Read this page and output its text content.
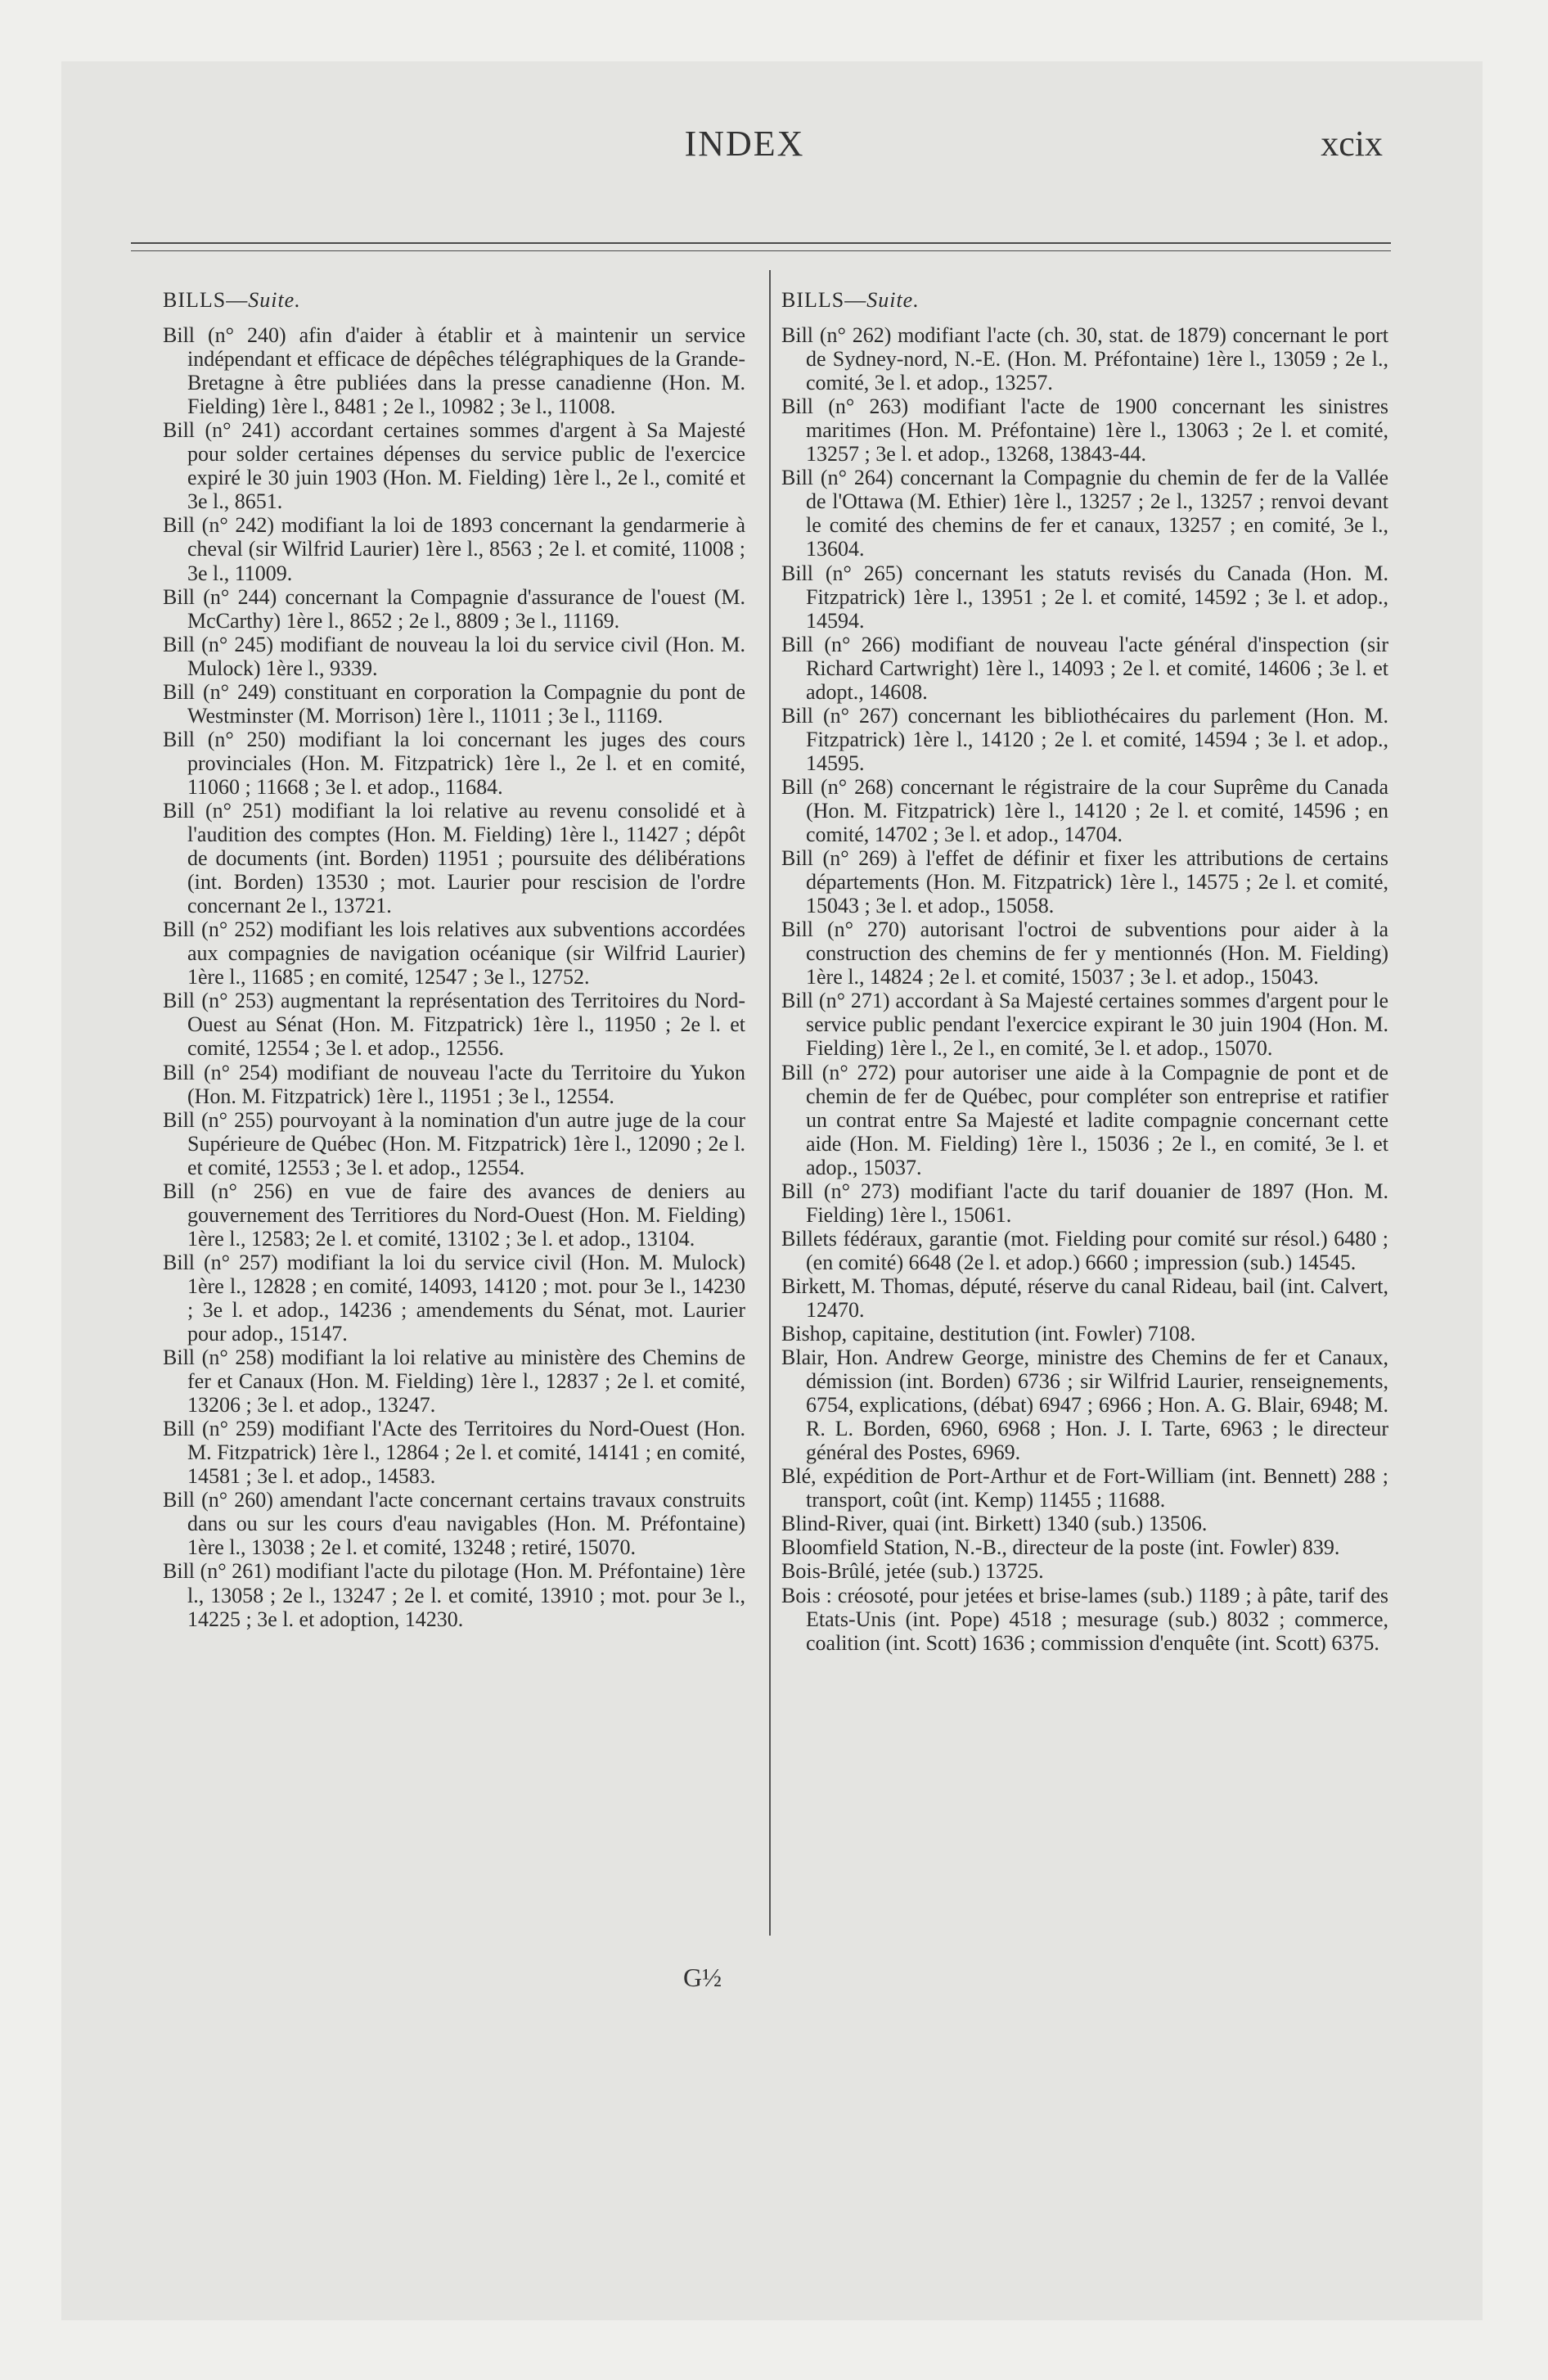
INDEX	xcix
BILLS—Suite.
Bill (n° 240) afin d'aider à établir et à maintenir un service indépendant et efficace de dépêches télégraphiques de la Grande-Bretagne à être publiées dans la presse canadienne (Hon. M. Fielding) 1ère l., 8481 ; 2e l., 10982 ; 3e l., 11008.
Bill (n° 241) accordant certaines sommes d'argent à Sa Majesté pour solder certaines dépenses du service public de l'exercice expiré le 30 juin 1903 (Hon. M. Fielding) 1ère l., 2e l., comité et 3e l., 8651.
Bill (n° 242) modifiant la loi de 1893 concernant la gendarmerie à cheval (sir Wilfrid Laurier) 1ère l., 8563 ; 2e l. et comité, 11008 ; 3e l., 11009.
Bill (n° 244) concernant la Compagnie d'assurance de l'ouest (M. McCarthy) 1ère l., 8652 ; 2e l., 8809 ; 3e l., 11169.
Bill (n° 245) modifiant de nouveau la loi du service civil (Hon. M. Mulock) 1ère l., 9339.
Bill (n° 249) constituant en corporation la Compagnie du pont de Westminster (M. Morrison) 1ère l., 11011 ; 3e l., 11169.
Bill (n° 250) modifiant la loi concernant les juges des cours provinciales (Hon. M. Fitzpatrick) 1ère l., 2e l. et en comité, 11060 ; 11668 ; 3e l. et adop., 11684.
Bill (n° 251) modifiant la loi relative au revenu consolidé et à l'audition des comptes (Hon. M. Fielding) 1ère l., 11427 ; dépôt de documents (int. Borden) 11951 ; poursuite des délibérations (int. Borden) 13530 ; mot. Laurier pour rescision de l'ordre concernant 2e l., 13721.
Bill (n° 252) modifiant les lois relatives aux subventions accordées aux compagnies de navigation océanique (sir Wilfrid Laurier) 1ère l., 11685 ; en comité, 12547 ; 3e l., 12752.
Bill (n° 253) augmentant la représentation des Territoires du Nord-Ouest au Sénat (Hon. M. Fitzpatrick) 1ère l., 11950 ; 2e l. et comité, 12554 ; 3e l. et adop., 12556.
Bill (n° 254) modifiant de nouveau l'acte du Territoire du Yukon (Hon. M. Fitzpatrick) 1ère l., 11951 ; 3e l., 12554.
Bill (n° 255) pourvoyant à la nomination d'un autre juge de la cour Supérieure de Québec (Hon. M. Fitzpatrick) 1ère l., 12090 ; 2e l. et comité, 12553 ; 3e l. et adop., 12554.
Bill (n° 256) en vue de faire des avances de deniers au gouvernement des Territiores du Nord-Ouest (Hon. M. Fielding) 1ère l., 12583; 2e l. et comité, 13102 ; 3e l. et adop., 13104.
Bill (n° 257) modifiant la loi du service civil (Hon. M. Mulock) 1ère l., 12828 ; en comité, 14093, 14120 ; mot. pour 3e l., 14230 ; 3e l. et adop., 14236 ; amendements du Sénat, mot. Laurier pour adop., 15147.
Bill (n° 258) modifiant la loi relative au ministère des Chemins de fer et Canaux (Hon. M. Fielding) 1ère l., 12837 ; 2e l. et comité, 13206 ; 3e l. et adop., 13247.
Bill (n° 259) modifiant l'Acte des Territoires du Nord-Ouest (Hon. M. Fitzpatrick) 1ère l., 12864 ; 2e l. et comité, 14141 ; en comité, 14581 ; 3e l. et adop., 14583.
Bill (n° 260) amendant l'acte concernant certains travaux construits dans ou sur les cours d'eau navigables (Hon. M. Préfontaine) 1ère l., 13038 ; 2e l. et comité, 13248 ; retiré, 15070.
Bill (n° 261) modifiant l'acte du pilotage (Hon. M. Préfontaine) 1ère l., 13058 ; 2e l., 13247 ; 2e l. et comité, 13910 ; mot. pour 3e l., 14225 ; 3e l. et adoption, 14230.
BILLS—Suite.
Bill (n° 262) modifiant l'acte (ch. 30, stat. de 1879) concernant le port de Sydney-nord, N.-E. (Hon. M. Préfontaine) 1ère l., 13059 ; 2e l., comité, 3e l. et adop., 13257.
Bill (n° 263) modifiant l'acte de 1900 concernant les sinistres maritimes (Hon. M. Préfontaine) 1ère l., 13063 ; 2e l. et comité, 13257 ; 3e l. et adop., 13268, 13843-44.
Bill (n° 264) concernant la Compagnie du chemin de fer de la Vallée de l'Ottawa (M. Ethier) 1ère l., 13257 ; 2e l., 13257 ; renvoi devant le comité des chemins de fer et canaux, 13257 ; en comité, 3e l., 13604.
Bill (n° 265) concernant les statuts revisés du Canada (Hon. M. Fitzpatrick) 1ère l., 13951 ; 2e l. et comité, 14592 ; 3e l. et adop., 14594.
Bill (n° 266) modifiant de nouveau l'acte général d'inspection (sir Richard Cartwright) 1ère l., 14093 ; 2e l. et comité, 14606 ; 3e l. et adopt., 14608.
Bill (n° 267) concernant les bibliothécaires du parlement (Hon. M. Fitzpatrick) 1ère l., 14120 ; 2e l. et comité, 14594 ; 3e l. et adop., 14595.
Bill (n° 268) concernant le régistraire de la cour Suprême du Canada (Hon. M. Fitzpatrick) 1ère l., 14120 ; 2e l. et comité, 14596 ; en comité, 14702 ; 3e l. et adop., 14704.
Bill (n° 269) à l'effet de définir et fixer les attributions de certains départements (Hon. M. Fitzpatrick) 1ère l., 14575 ; 2e l. et comité, 15043 ; 3e l. et adop., 15058.
Bill (n° 270) autorisant l'octroi de subventions pour aider à la construction des chemins de fer y mentionnés (Hon. M. Fielding) 1ère l., 14824 ; 2e l. et comité, 15037 ; 3e l. et adop., 15043.
Bill (n° 271) accordant à Sa Majesté certaines sommes d'argent pour le service public pendant l'exercice expirant le 30 juin 1904 (Hon. M. Fielding) 1ère l., 2e l., en comité, 3e l. et adop., 15070.
Bill (n° 272) pour autoriser une aide à la Compagnie de pont et de chemin de fer de Québec, pour compléter son entreprise et ratifier un contrat entre Sa Majesté et ladite compagnie concernant cette aide (Hon. M. Fielding) 1ère l., 15036 ; 2e l., en comité, 3e l. et adop., 15037.
Bill (n° 273) modifiant l'acte du tarif douanier de 1897 (Hon. M. Fielding) 1ère l., 15061.
Billets fédéraux, garantie (mot. Fielding pour comité sur résol.) 6480 ; (en comité) 6648 (2e l. et adop.) 6660 ; impression (sub.) 14545.
Birkett, M. Thomas, député, réserve du canal Rideau, bail (int. Calvert, 12470.
Bishop, capitaine, destitution (int. Fowler) 7108.
Blair, Hon. Andrew George, ministre des Chemins de fer et Canaux, démission (int. Borden) 6736 ; sir Wilfrid Laurier, renseignements, 6754, explications, (débat) 6947 ; 6966 ; Hon. A. G. Blair, 6948; M. R. L. Borden, 6960, 6968 ; Hon. J. I. Tarte, 6963 ; le directeur général des Postes, 6969.
Blé, expédition de Port-Arthur et de Fort-William (int. Bennett) 288 ; transport, coût (int. Kemp) 11455 ; 11688.
Blind-River, quai (int. Birkett) 1340 (sub.) 13506.
Bloomfield Station, N.-B., directeur de la poste (int. Fowler) 839.
Bois-Brûlé, jetée (sub.) 13725.
Bois : créosoté, pour jetées et brise-lames (sub.) 1189 ; à pâte, tarif des Etats-Unis (int. Pope) 4518 ; mesurage (sub.) 8032 ; commerce, coalition (int. Scott) 1636 ; commission d'enquête (int. Scott) 6375.
G½
